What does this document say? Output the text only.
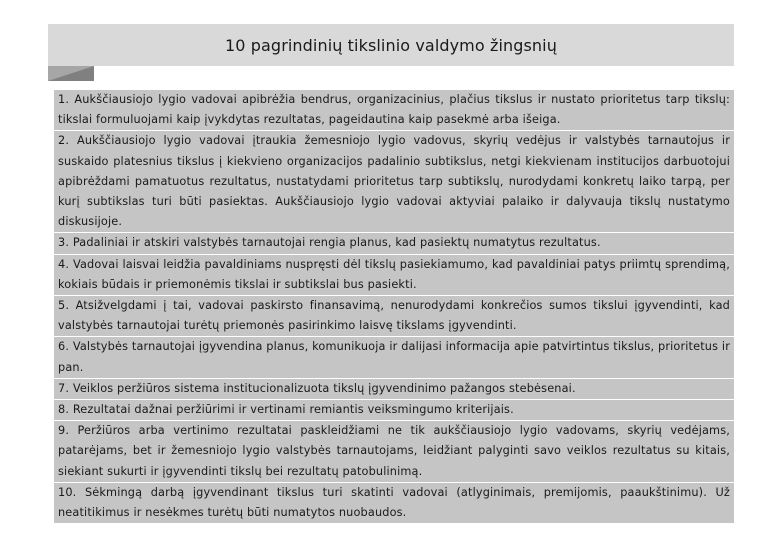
10 pagrindinių tikslinio valdymo žingsnių
1. Aukščiausiojo lygio vadovai apibrėžia bendrus, organizacinius, plačius tikslus ir nustato prioritetus tarp tikslų: tikslai formuluojami kaip įvykdytas rezultatas, pageidautina kaip pasekmė arba išeiga.
2. Aukščiausiojo lygio vadovai įtraukia žemesniojo lygio vadovus, skyrių vedėjus ir valstybės tarnautojus ir suskaido platesnius tikslus į kiekvieno organizacijos padalinio subtikslus, netgi kiekvienam institucijos darbuotojui apibrėždami pamatuotus rezultatus, nustatydami prioritetus tarp subtikslų, nurodydami konkretų laiko tarpą, per kurį subtikslas turi būti pasiektas. Aukščiausiojo lygio vadovai aktyviai palaiko ir dalyvauja tikslų nustatymo diskusijoje.
3. Padaliniai ir atskiri valstybės tarnautojai rengia planus, kad pasiektų numatytus rezultatus.
4. Vadovai laisvai leidžia pavaldiniams nuspręsti dėl tikslų pasiekiamumo, kad pavaldiniai patys priimtų sprendimą, kokiais būdais ir priemonėmis tikslai ir subtikslai bus pasiekti.
5. Atsižvelgdami į tai, vadovai paskirsto finansavimą, nenurodydami konkrečios sumos tikslui įgyvendinti, kad valstybės tarnautojai turėtų priemonės pasirinkimo laisvę tikslams įgyvendinti.
6. Valstybės tarnautojai įgyvendina planus, komunikuoja ir dalijasi informacija apie patvirtintus tikslus, prioritetus ir pan.
7. Veiklos peržiūros sistema institucionalizuota tikslų įgyvendinimo pažangos stebėsenai.
8. Rezultatai dažnai peržiūrimi ir vertinami remiantis veiksmingumo kriterijais.
9. Peržiūros arba vertinimo rezultatai paskleidžiami ne tik aukščiausiojo lygio vadovams, skyrių vedėjams, patarėjams, bet ir žemesniojo lygio valstybės tarnautojams, leidžiant palyginti savo veiklos rezultatus su kitais, siekiant sukurti ir įgyvendinti tikslų bei rezultatų patobulinimą.
10. Sėkmingą darbą įgyvendinant tikslus turi skatinti vadovai (atlyginimais, premijomis, paaukštinimu). Už neatitikimus ir nesėkmes turėtų būti numatytos nuobaudos.
